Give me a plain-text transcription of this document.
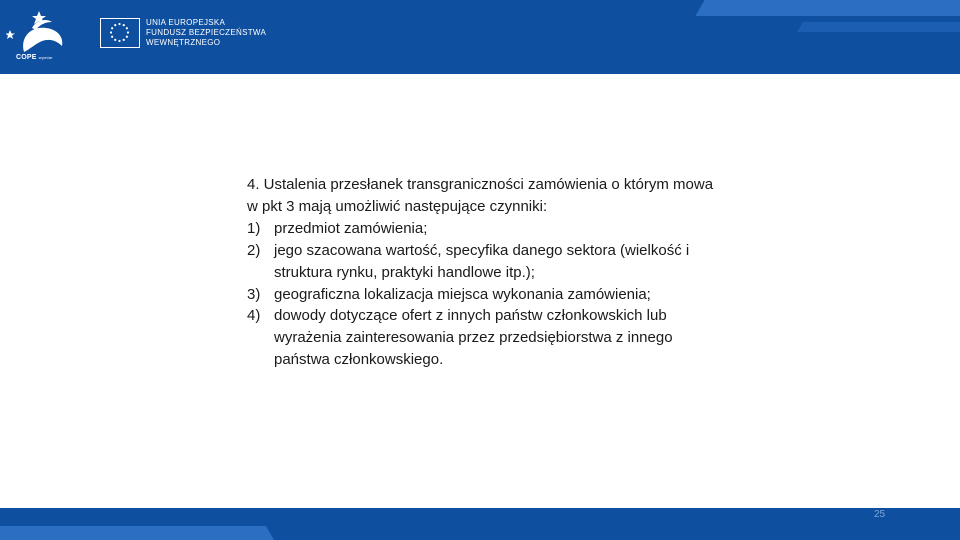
COPE wymiar
UNIA EUROPEJSKA
FUNDUSZ BEZPIECZEŃSTWA
WEWNĘTRZNEGO

4. Ustalenia przesłanek transgraniczności zamówienia o którym mowa w pkt 3 mają umożliwić następujące czynniki:

1) przedmiot zamówienia;
2) jego szacowana wartość, specyfika danego sektora (wielkość i struktura rynku, praktyki handlowe itp.);
3) geograficzna lokalizacja miejsca wykonania zamówienia;
4) dowody dotyczące ofert z innych państw członkowskich lub wyrażenia zainteresowania przez przedsiębiorstwa z innego państwa członkowskiego.
25
